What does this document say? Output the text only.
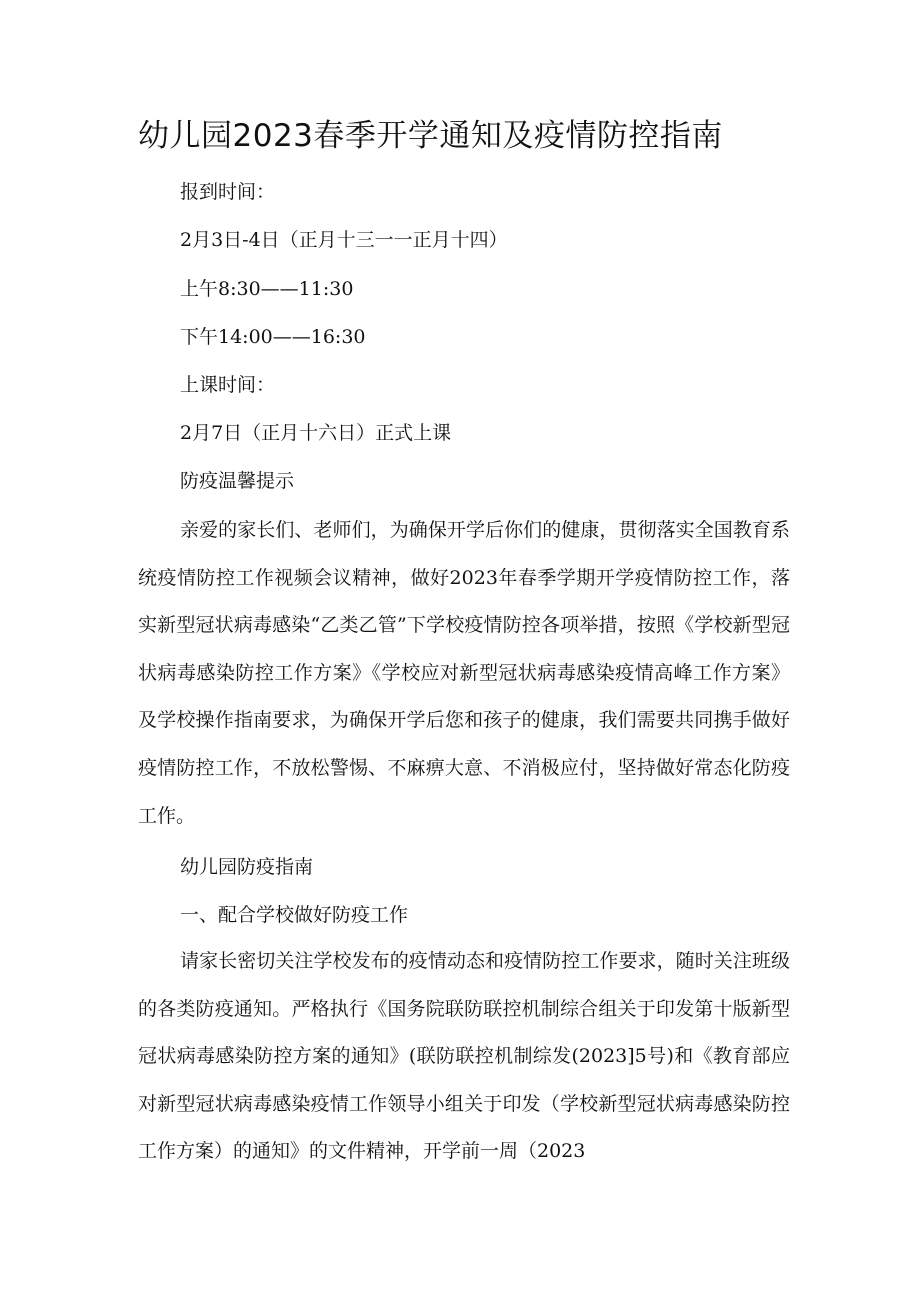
幼儿园2023春季开学通知及疫情防控指南

报到时间：

2月3日-4日（正月十三一一正月十四）

上午8:30——11:30

下午14:00——16:30

上课时间：

2月7日（正月十六日）正式上课

防疫温馨提示

亲爱的家长们、老师们，为确保开学后你们的健康，贯彻落实全国教育系统疫情防控工作视频会议精神，做好2023年春季学期开学疫情防控工作，落实新型冠状病毒感染“乙类乙管”下学校疫情防控各项举措，按照《学校新型冠状病毒感染防控工作方案》《学校应对新型冠状病毒感染疫情高峰工作方案》及学校操作指南要求，为确保开学后您和孩子的健康，我们需要共同携手做好疫情防控工作，不放松警惕、不麻痹大意、不消极应付，坚持做好常态化防疫工作。

幼儿园防疫指南

一、配合学校做好防疫工作

请家长密切关注学校发布的疫情动态和疫情防控工作要求，随时关注班级的各类防疫通知。严格执行《国务院联防联控机制综合组关于印发第十版新型冠状病毒感染防控方案的通知》(联防联控机制综发(2023]5号)和《教育部应对新型冠状病毒感染疫情工作领导小组关于印发（学校新型冠状病毒感染防控工作方案）的通知》的文件精神，开学前一周（2023
